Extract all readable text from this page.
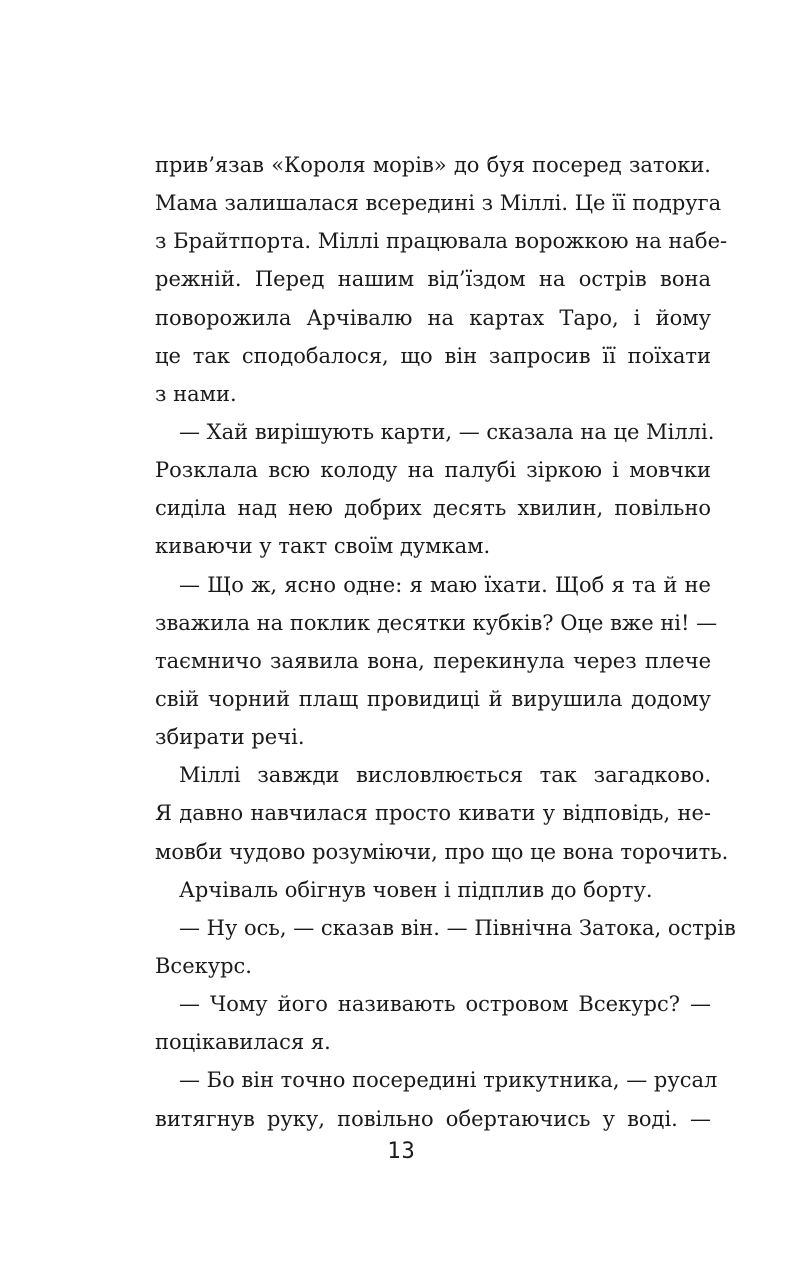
прив’язав «Короля морів» до буя посеред затоки.
Мама залишалася всередині з Міллі. Це її подруга
з Брайтпорта. Міллі працювала ворожкою на набе-
режній. Перед нашим від’їздом на острів вона
поворожила Арчівалю на картах Таро, і йому
це так сподобалося, що він запросив її поїхати
з нами.
— Хай вирішують карти, — сказала на це Міллі.
Розклала всю колоду на палубі зіркою і мовчки
сиділа над нею добрих десять хвилин, повільно
киваючи у такт своїм думкам.
— Що ж, ясно одне: я маю їхати. Щоб я та й не
зважила на поклик десятки кубків? Оце вже ні! —
таємничо заявила вона, перекинула через плече
свій чорний плащ провидиці й вирушила додому
збирати речі.
Міллі завжди висловлюється так загадково.
Я давно навчилася просто кивати у відповідь, не-
мовби чудово розуміючи, про що це вона торочить.
Арчіваль обігнув човен і підплив до борту.
— Ну ось, — сказав він. — Північна Затока, острів
Всекурс.
— Чому його називають островом Всекурс? —
поцікавилася я.
— Бо він точно посередині трикутника, — русал
витягнув руку, повільно обертаючись у воді. —
13
